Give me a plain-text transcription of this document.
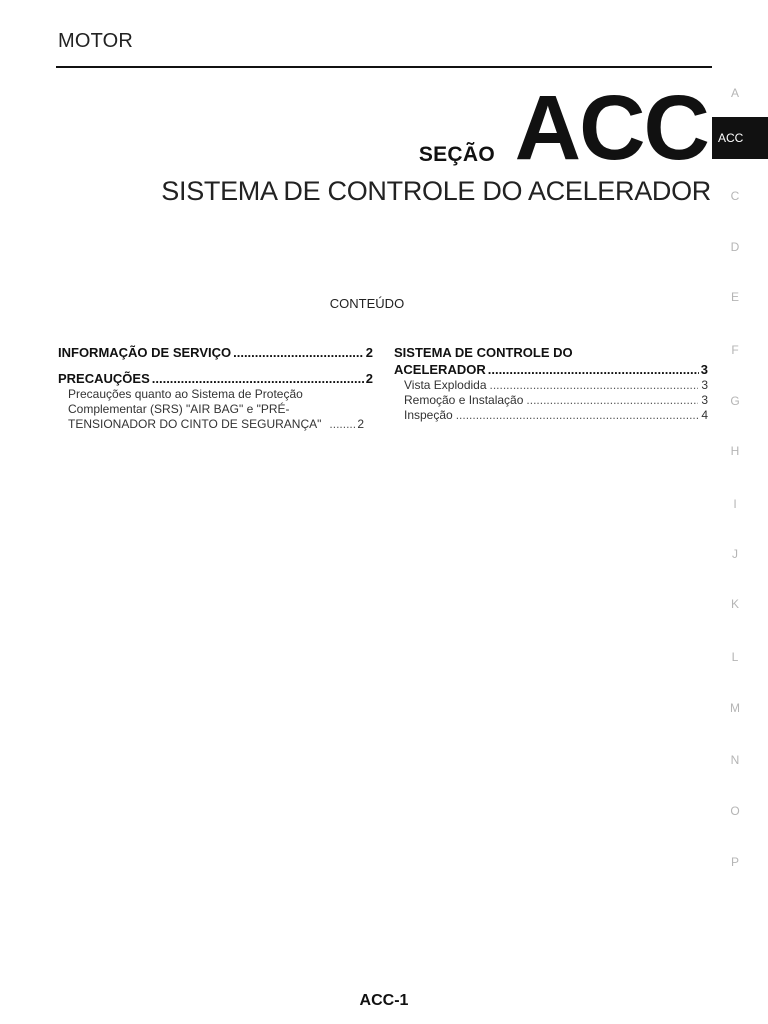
MOTOR
SEÇÃO ACC
SISTEMA DE CONTROLE DO ACELERADOR
CONTEÚDO
INFORMAÇÃO DE SERVIÇO .....	2
PRECAUÇÕES .....	2
Precauções quanto ao Sistema de Proteção
Complementar (SRS) "AIR BAG" e "PRÉ-
TENSIONADOR DO CINTO DE SEGURANÇA" .....	2
SISTEMA DE CONTROLE DO
ACELERADOR .....	3
Vista Explodida .....	3
Remoção e Instalação .....	3
Inspeção .....	4
A
ACC
C
D
E
F
G
H
I
J
K
L
M
N
O
P
ACC-1
